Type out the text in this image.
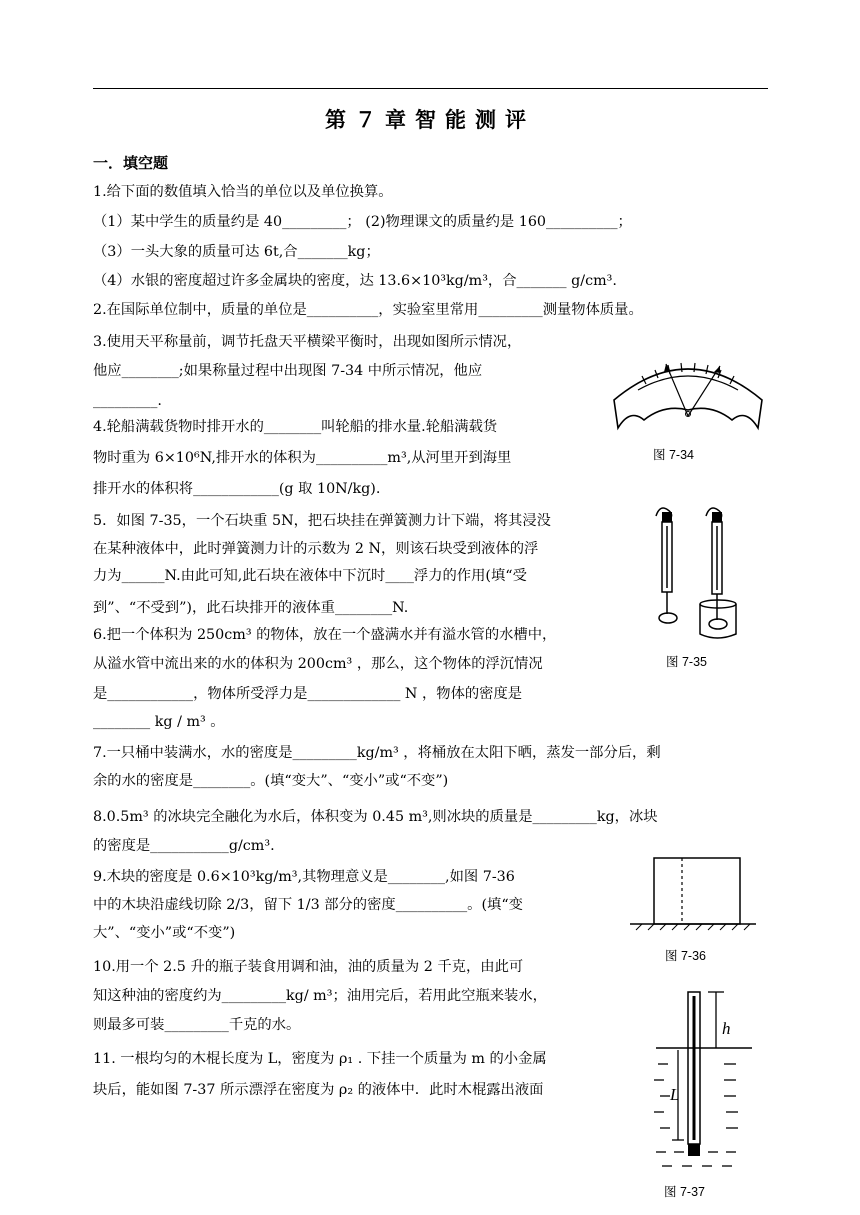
第７章智能测评
一．填空题
1.给下面的数值填入恰当的单位以及单位换算。
（1）某中学生的质量约是 40_________； (2)物理课文的质量约是 160__________；
（3）一头大象的质量可达 6t,合_______kg；
（4）水银的密度超过许多金属块的密度，达 13.6×10³kg/m³，合_______ g/cm³.
2.在国际单位制中，质量的单位是__________，实验室里常用_________测量物体质量。
3.使用天平称量前，调节托盘天平横梁平衡时，出现如图所示情况，
他应________;如果称量过程中出现图 7-34 中所示情况，他应
_________.
4.轮船满载货物时排开水的________叫轮船的排水量.轮船满载货
物时重为 6×10⁶N,排开水的体积为__________m³,从河里开到海里
排开水的体积将____________(g 取 10N/kg).
5．如图 7-35，一个石块重 5N，把石块挂在弹簧测力计下端，将其浸没
在某种液体中，此时弹簧测力计的示数为 2 N，则该石块受到液体的浮
力为______N.由此可知,此石块在液体中下沉时____浮力的作用(填“受
到”、“不受到”)，此石块排开的液体重________N.
6.把一个体积为 250cm³ 的物体，放在一个盛满水并有溢水管的水槽中，
从溢水管中流出来的水的体积为 200cm³ ，那么，这个物体的浮沉情况
是____________，物体所受浮力是_____________ N ，物体的密度是
________ kg / m³ 。
7.一只桶中装满水，水的密度是_________kg/m³ ，将桶放在太阳下晒，蒸发一部分后，剩
余的水的密度是________。(填“变大”、“变小”或“不变”)
8.0.5m³ 的冰块完全融化为水后，体积变为 0.45 m³,则冰块的质量是_________kg，冰块
的密度是___________g/cm³.
9.木块的密度是 0.6×10³kg/m³,其物理意义是________,如图 7-36
中的木块沿虚线切除 2/3，留下 1/3 部分的密度__________。(填“变
大”、“变小”或“不变”)
10.用一个 2.5 升的瓶子装食用调和油，油的质量为 2 千克，由此可
知这种油的密度约为_________kg/ m³；油用完后，若用此空瓶来装水，
则最多可装_________千克的水。
11. 一根均匀的木棍长度为 L，密度为 ρ₁ . 下挂一个质量为 m 的小金属
块后，能如图 7-37 所示漂浮在密度为 ρ₂ 的液体中．此时木棍露出液面
图 7-34
图 7-35
图 7-36
h
L
图 7-37
